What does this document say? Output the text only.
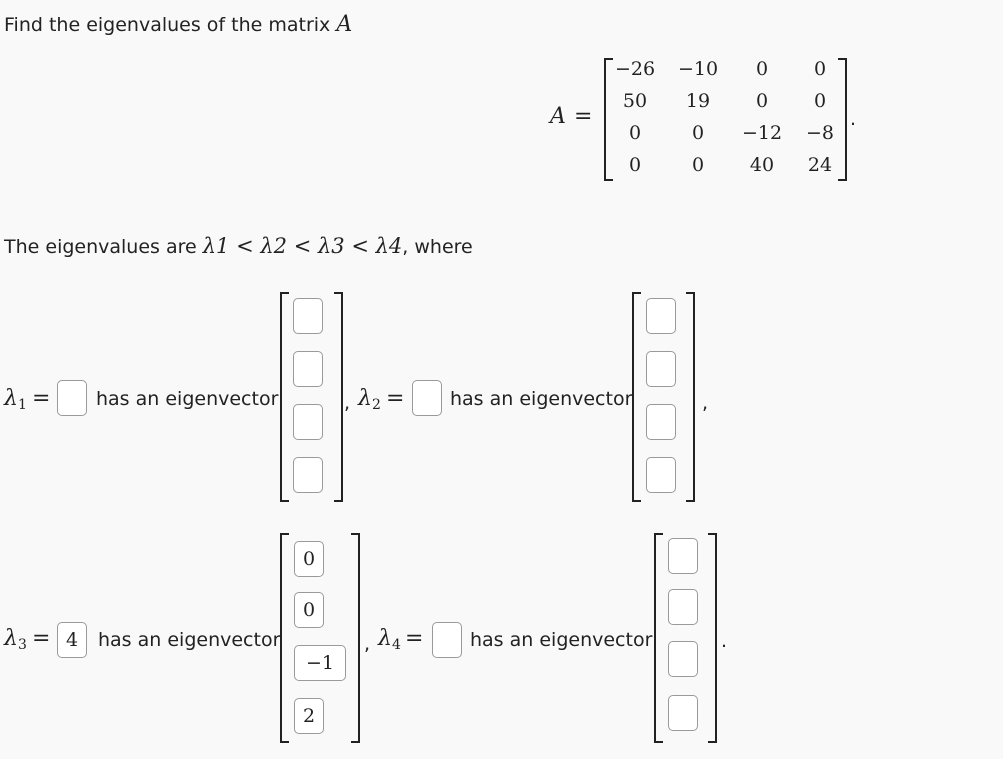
Find the eigenvalues of the matrix A
A =
−26	−10	0	0
50	19	0	0
0	0	−12	−8
0	0	40	24
.
The eigenvalues are λ1 < λ2 < λ3 < λ4, where
$\lambda_1$ = has an eigenvector	, $\lambda_2$ = has an eigenvector	,
$\lambda_3$ =
4	has an eigenvector
0
0
−1
2	, $\lambda_4$ = has an eigenvector	.
